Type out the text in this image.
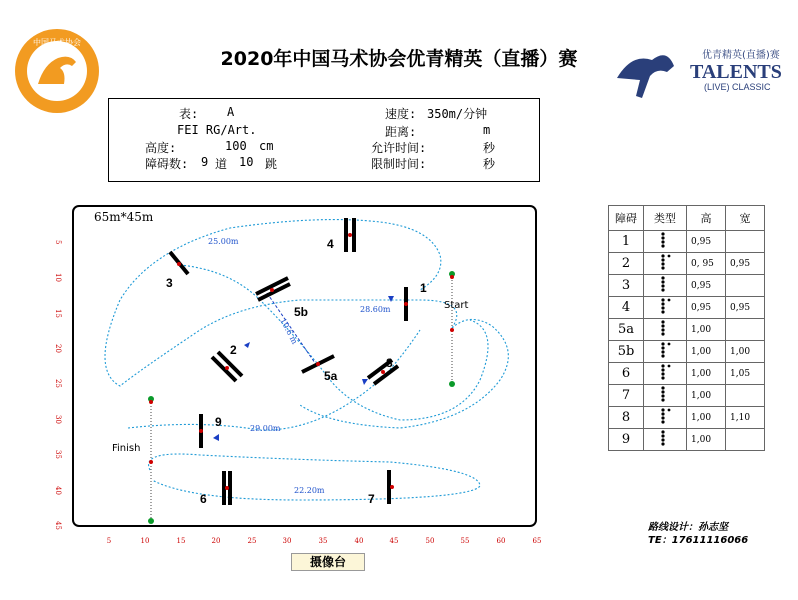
中国马术协会
2020年中国马术协会优青精英（直播）赛	优青精英(直播)赛
TALENTS
(LIVE) CLASSIC
表: A
FEI RG/Art.
高度:	100 cm
障碍数: 9 道 10 跳
速度: 350m/分钟
距离:	m
允许时间:	秒
限制时间:	秒
65m*45m
1
2
3
4
5a
5b
6	7
8
9
Start
Finish
25.00m
28.60m
10.6 m
29.00m
22.20m
5	10	15	20	25	30	35	40	45	50	55	60	65
5
10
15
20
25
30
35
40
45
障碍	类型	高	宽
1		0,95	
2		0, 95	0,95
3		0,95	
4		0,95	0,95
5a		1,00	
5b		1,00	1,00
6		1,00	1,05
7		1,00	
8		1,00	1,10
9		1,00	
路线设计：孙志坚
TE：17611116066
摄像台
